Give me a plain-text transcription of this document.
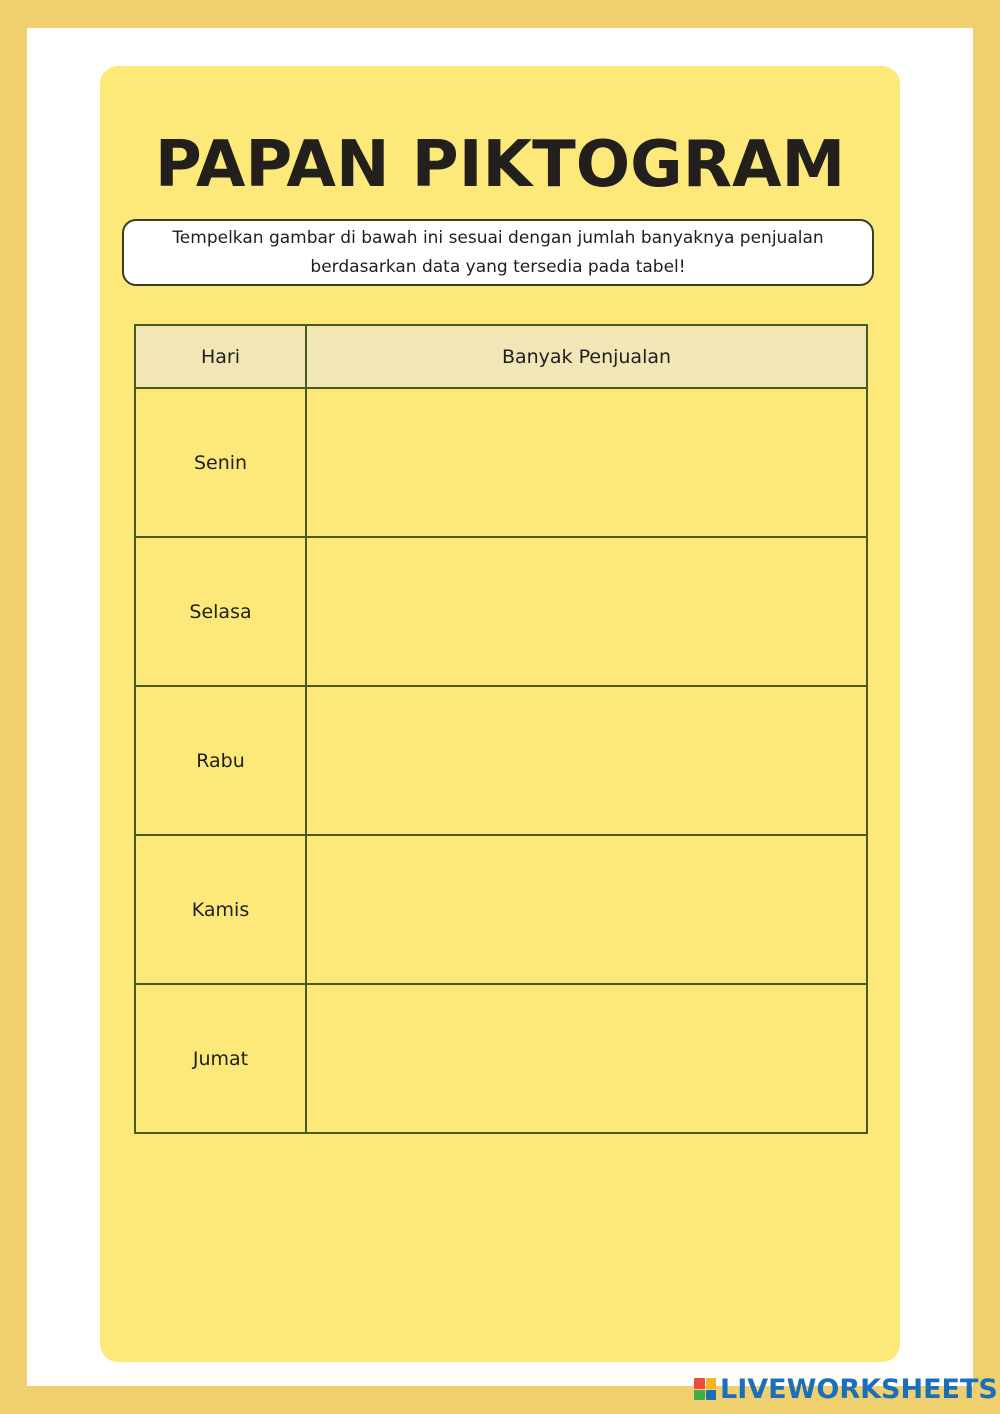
PAPAN PIKTOGRAM
Tempelkan gambar di bawah ini sesuai dengan jumlah banyaknya penjualan berdasarkan data yang tersedia pada tabel!
Hari	Banyak Penjualan
Senin	
Selasa	
Rabu	
Kamis	
Jumat	
LIVEWORKSHEETS
